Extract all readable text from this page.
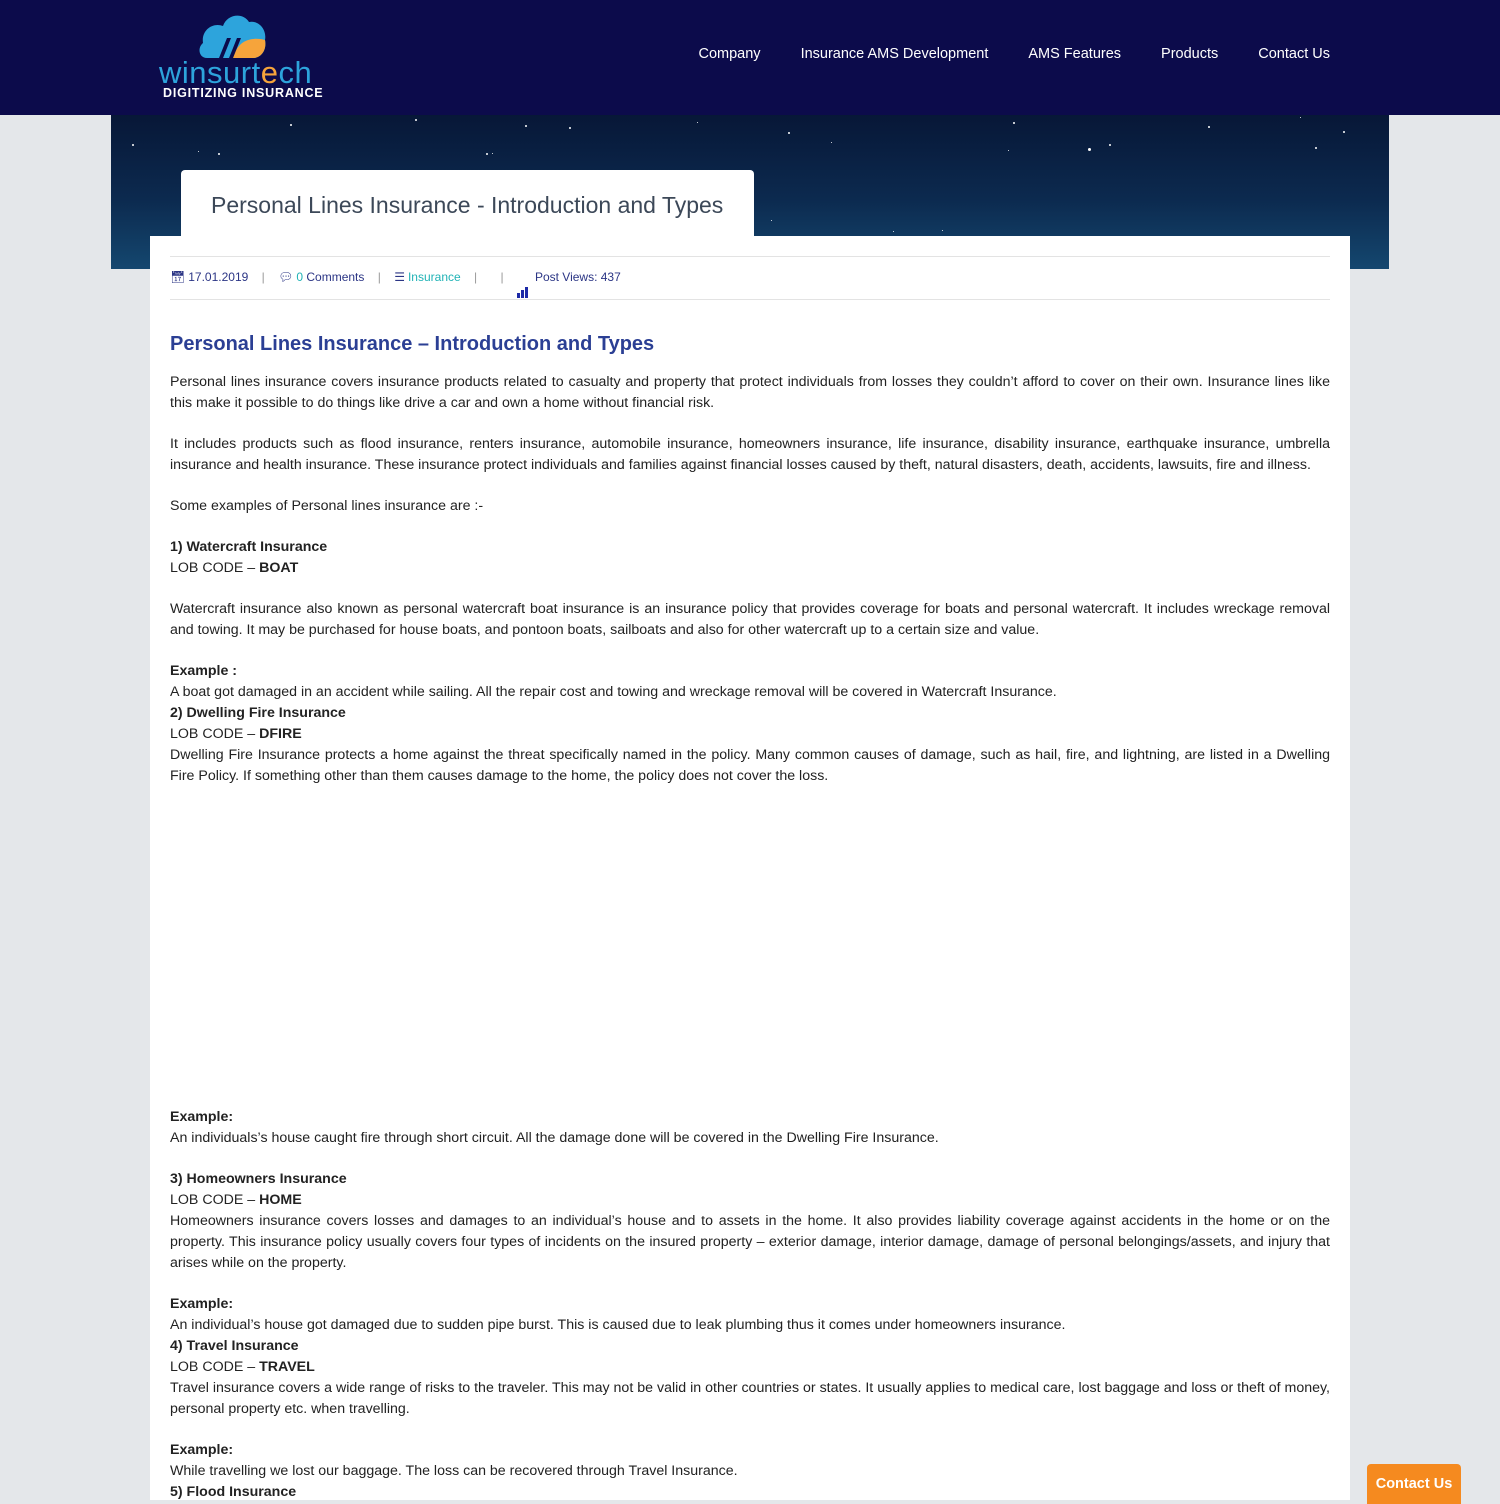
winsurtech
DIGITIZING INSURANCE
Company	Insurance AMS Development	AMS Features	Products	Contact Us
Personal Lines Insurance - Introduction and Types
📅︎ 17.01.2019 | 💬︎ 0 Comments | ☰ Insurance | |	Post Views: 437
Personal Lines Insurance – Introduction and Types

Personal lines insurance covers insurance products related to casualty and property that protect individuals from losses they couldn’t afford to cover on their own. Insurance lines like this make it possible to do things like drive a car and own a home without financial risk.

It includes products such as flood insurance, renters insurance, automobile insurance, homeowners insurance, life insurance, disability insurance, earthquake insurance, umbrella insurance and health insurance. These insurance protect individuals and families against financial losses caused by theft, natural disasters, death, accidents, lawsuits, fire and illness.

Some examples of Personal lines insurance are :-

1) Watercraft Insurance

LOB CODE – BOAT

Watercraft insurance also known as personal watercraft boat insurance is an insurance policy that provides coverage for boats and personal watercraft. It includes wreckage removal and towing. It may be purchased for house boats, and pontoon boats, sailboats and also for other watercraft up to a certain size and value.

Example :

A boat got damaged in an accident while sailing. All the repair cost and towing and wreckage removal will be covered in Watercraft Insurance.

2) Dwelling Fire Insurance

LOB CODE – DFIRE

Dwelling Fire Insurance protects a home against the threat specifically named in the policy. Many common causes of damage, such as hail, fire, and lightning, are listed in a Dwelling Fire Policy. If something other than them causes damage to the home, the policy does not cover the loss.

Example:

An individuals’s house caught fire through short circuit. All the damage done will be covered in the Dwelling Fire Insurance.

3) Homeowners Insurance

LOB CODE – HOME

Homeowners insurance covers losses and damages to an individual’s house and to assets in the home. It also provides liability coverage against accidents in the home or on the property. This insurance policy usually covers four types of incidents on the insured property – exterior damage, interior damage, damage of personal belongings/assets, and injury that arises while on the property.

Example:

An individual’s house got damaged due to sudden pipe burst. This is caused due to leak plumbing thus it comes under homeowners insurance.

4) Travel Insurance

LOB CODE – TRAVEL

Travel insurance covers a wide range of risks to the traveler. This may not be valid in other countries or states. It usually applies to medical care, lost baggage and loss or theft of money, personal property etc. when travelling.

Example:

While travelling we lost our baggage. The loss can be recovered through Travel Insurance.

5) Flood Insurance	Contact Us
